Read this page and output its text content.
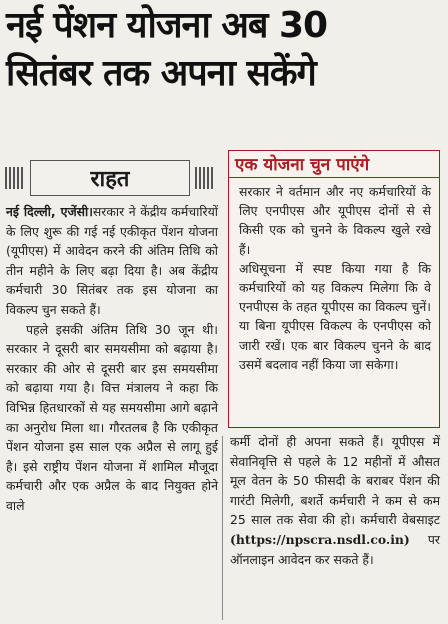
नई पेंशन योजना अब 30
सितंबर तक अपना सकेंगे
राहत

नई दिल्ली, एजेंसी।सरकार ने केंद्रीय कर्मचारियों के लिए शुरू की गई नई एकीकृत पेंशन योजना (यूपीएस) में आवेदन करने की अंतिम तिथि को तीन महीने के लिए बढ़ा दिया है। अब केंद्रीय कर्मचारी 30 सितंबर तक इस योजना का विकल्प चुन सकते हैं।

पहले इसकी अंतिम तिथि 30 जून थी। सरकार ने दूसरी बार समयसीमा को बढ़ाया है। सरकार की ओर से दूसरी बार इस समयसीमा को बढ़ाया गया है। वित्त मंत्रालय ने कहा कि विभिन्न हितधारकों से यह समयसीमा आगे बढ़ाने का अनुरोध मिला था। गौरतलब है कि एकीकृत पेंशन योजना इस साल एक अप्रैल से लागू हुई है। इसे राष्ट्रीय पेंशन योजना में शामिल मौजूदा कर्मचारी और एक अप्रैल के बाद नियुक्त होने वाले

एक योजना चुन पाएंगे

सरकार ने वर्तमान और नए कर्मचारियों के लिए एनपीएस और यूपीएस दोनों से से किसी एक को चुनने के विकल्प खुले रखे हैं।

अधिसूचना में स्पष्ट किया गया है कि कर्मचारियों को यह विकल्प मिलेगा कि वे एनपीएस के तहत यूपीएस का विकल्प चुनें। या बिना यूपीएस विकल्प के एनपीएस को जारी रखें। एक बार विकल्प चुनने के बाद उसमें बदलाव नहीं किया जा सकेगा।

कर्मी दोनों ही अपना सकते हैं। यूपीएस में सेवानिवृत्ति से पहले के 12 महीनों में औसत मूल वेतन के 50 फीसदी के बराबर पेंशन की गारंटी मिलेगी, बशर्ते कर्मचारी ने कम से कम 25 साल तक सेवा की हो। कर्मचारी वेबसाइट (https://npscra.nsdl.co.in) पर ऑनलाइन आवेदन कर सकते हैं।
